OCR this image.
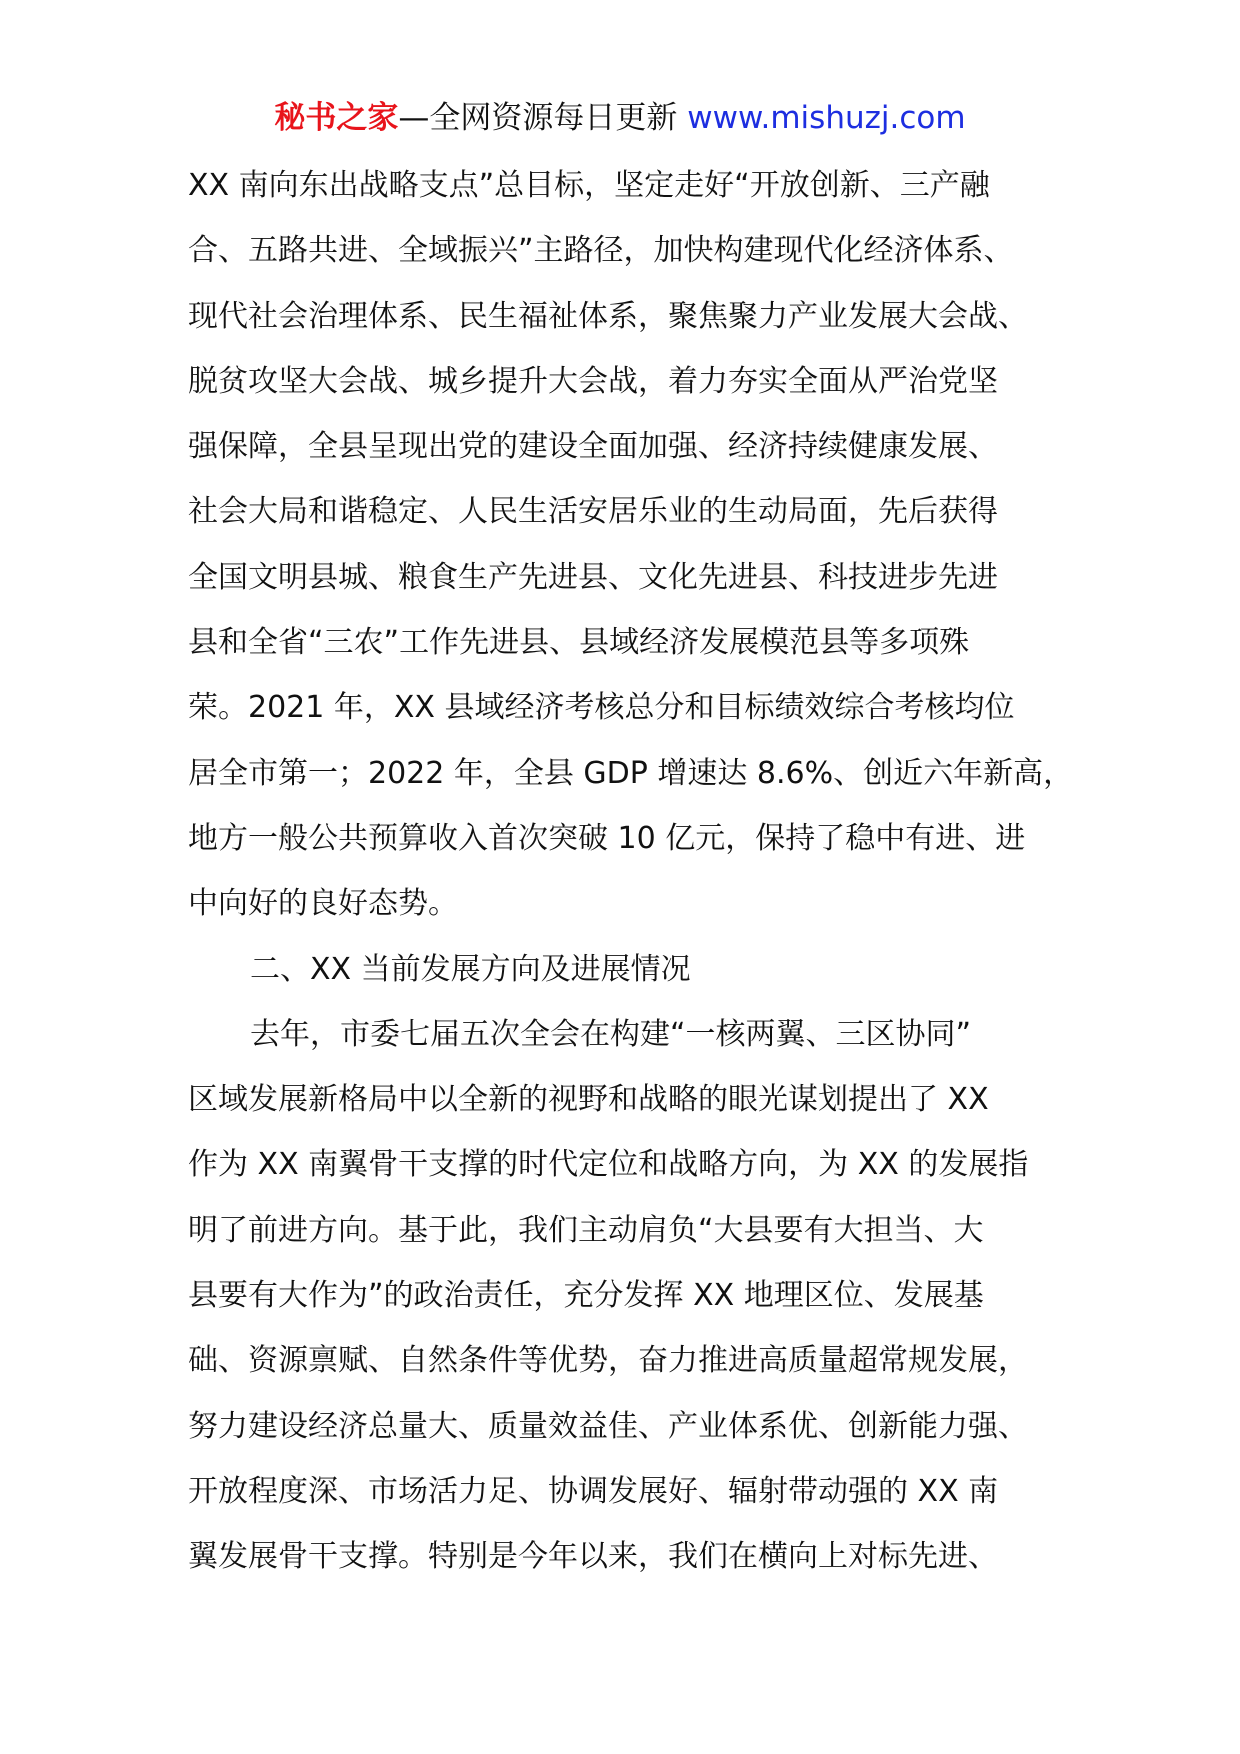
秘书之家—全网资源每日更新 www.mishuzj.com
XX 南向东出战略支点”总目标，坚定走好“开放创新、三产融
合、五路共进、全域振兴”主路径，加快构建现代化经济体系、
现代社会治理体系、民生福祉体系，聚焦聚力产业发展大会战、
脱贫攻坚大会战、城乡提升大会战，着力夯实全面从严治党坚
强保障，全县呈现出党的建设全面加强、经济持续健康发展、
社会大局和谐稳定、人民生活安居乐业的生动局面，先后获得
全国文明县城、粮食生产先进县、文化先进县、科技进步先进
县和全省“三农”工作先进县、县域经济发展模范县等多项殊
荣。2021 年，XX 县域经济考核总分和目标绩效综合考核均位
居全市第一；2022 年，全县 GDP 增速达 8.6%、创近六年新高，
地方一般公共预算收入首次突破 10 亿元，保持了稳中有进、进
中向好的良好态势。
二、XX 当前发展方向及进展情况
去年，市委七届五次全会在构建“一核两翼、三区协同”
区域发展新格局中以全新的视野和战略的眼光谋划提出了 XX
作为 XX 南翼骨干支撑的时代定位和战略方向，为 XX 的发展指
明了前进方向。基于此，我们主动肩负“大县要有大担当、大
县要有大作为”的政治责任，充分发挥 XX 地理区位、发展基
础、资源禀赋、自然条件等优势，奋力推进高质量超常规发展，
努力建设经济总量大、质量效益佳、产业体系优、创新能力强、
开放程度深、市场活力足、协调发展好、辐射带动强的 XX 南
翼发展骨干支撑。特别是今年以来，我们在横向上对标先进、
